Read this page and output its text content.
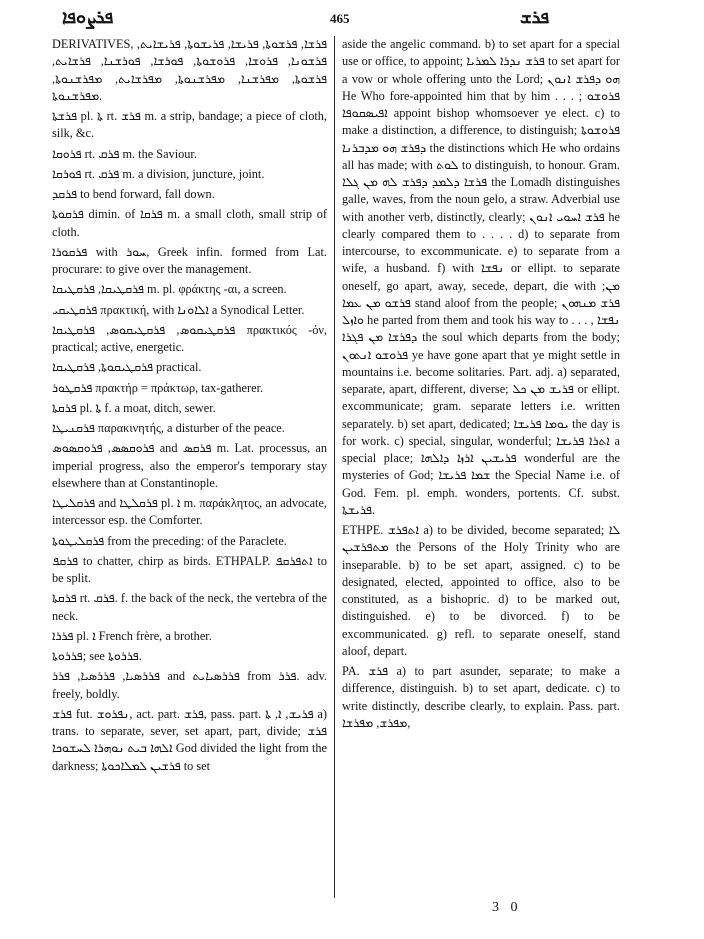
ܦܪܨܘܦܐ	465	ܦܪܫ

DERIVATIVES, ܦܪܫܐ, ܦܪܫܘܬܐ, ܦܪܝܫܐ, ܦܪܝܫܘܬܐ, ܦܪܝܫܐܝܬ, ܦܪܫܘܢܐ, ܦܪܘܫܐ, ܦܪܘܫܘܬܐ, ܦܘܪܫܐ, ܦܘܪܫܢܐ, ܦܪܫܐܝܬ, ܦܪܫܘܬܐ, ܡܦܪܫܢܐ, ܡܦܪܫܢܘܬܐ, ܡܦܪܫܐܝܬ, ܡܦܪܫܢܘܬܐ, ܡܦܪܫܢܘܬܐ.

ܦܪܫܬܐ pl. ܬܐ rt. ܦܪܫ m. a strip, bandage; a piece of cloth, silk, &c.

ܦܪܘܩܐ rt. ܦܪܩ m. the Saviour.

ܦܘܪܩܐ rt. ܦܪܩ m. a division, juncture, joint.

ܦܪܩܕ to bend forward, fall down.

ܦܪܩܘܬܐ dimin. of ܦܪܩܐ m. a small cloth, small strip of cloth.

ܦܪܩܘܪܐ with ܚܘܪ, Greek infin. formed from Lat. procurare: to give over the management.

ܦܪܩܛܝܩܐ, ܦܪܩܛܝܩܐ m. pl. φράκτης -αι, a screen.

ܦܪܩܛܝܩܝ πρακτική, with ܐܠܐܘܢܐ a Synodical Letter.

ܦܪܩܛܝܩܘܣ, ܦܪܩܛܝܩܘܣ, ܦܪܩܛܝܩܐ πρακτικός -όν, practical; active, energetic.

ܦܪܩܛܝܩܘܬܐ, ܦܪܩܛܝܩܐ practical.

ܦܪܩܛܘܪ πρακτήρ = πράκτωρ, tax-gatherer.

ܦܪܩܬܐ pl. ܬܐ f. a moat, ditch, sewer.

ܦܪܩܢܝܛܐ παρακινητής, a disturber of the peace.

ܦܪܘܩܣܣ, ܦܪܘܩܣܘܣ and ܦܪܩܣ m. Lat. processus, an imperial progress, also the emperor's temporary stay elsewhere than at Constantinople.

ܦܪܩܠܝܛܐ and ܦܪܩܠܛܐ pl. ܐ m. παράκλητος, an advocate, intercessor esp. the Comforter.

ܦܪܩܠܝܛܘܬܐ from the preceding: of the Paraclete.

ܦܪܩܦ to chatter, chirp as birds. ETHPALP. ܐܬܦܪܩܦ to be split.

ܦܪܩܬܐ rt. ܦܪܩ. f. the back of the neck, the vertebra of the neck.

ܦܪܪܐ pl. ܐ French frère, a brother.

ܦܪܪܘܬܐ; see ܦܪܪܘܬܐ.

ܦܪܪܣܝܐ, ܦܪܪܣܝܐ, ܦܪܪ and ܦܪܪܣܝܐܝܬ from ܦܪܪ. adv. freely, boldly.

ܦܪܫ fut. ܢܦܪܘܫ, act. part. ܦܪܫ, pass. part. ܦܪܝܫ, ܐ, ܬܐ a) trans. to separate, sever, set apart, part, divide; ܦܪܫ ܐܠܗܐ ܒܝܬ ܢܘܗܪܐ ܠܚܫܘܟܐ God divided the light from the darkness; ܦܪܫܝܢ ܠܡܠܐܟܘܬܐ to set

aside the angelic command. b) to set apart for a special use or office, to appoint; ܦܪܫ ܢܕܪܐ ܠܡܪܝܐ to set apart for a vow or whole offering unto the Lord; ܗܘ ܕܦܪܫ ܐܢܘܢ He Who fore-appointed him that by him . . . ; ܦܪܘܫܘ ܐܦܝܣܩܘܦܐ appoint bishop whomsoever ye elect. c) to make a distinction, a difference, to distinguish; ܦܪܘܫܘܬܐ ܕܦܪܫ ܗܘ ܡܕܒܪܢܐ the distinctions which He who ordains all has made; with ܠܘܬ to distinguish, to honour. Gram. ܦܪܫܐ ܕܠܡܕ ܕܦܪܫ ܠܗ ܡܢ ܓܠܐ the Lomadh distinguishes galle, waves, from the noun gelo, a straw. Adverbial use with another verb, distinctly, clearly; ܦܪܫ ܐܚܘܝ ܐܢܘܢ he clearly compared them to . . . . d) to separate from intercourse, to excommunicate. e) to separate from a wife, a husband. f) with ܢܦܫܐ or ellipt. to separate oneself, go apart, away, secede, depart, die with ܡܢ; ܦܪܫܘ ܡܢ ܥܡܐ stand aloof from the people; ܦܪܫ ܡܢܗܘܢ ܘܐܙܠ he parted from them and took his way to . . . , ܢܦܫܐ ܕܦܪܫܐ ܡܢ ܦܓܪܐ the soul which departs from the body; ܦܪܘܫܘ ܐܢܬܘܢ ye have gone apart that ye might settle in mountains i.e. become solitaries. Part. adj. a) separated, separate, apart, different, diverse; ܦܪܝܫ ܡܢ ܟܠ or ellipt. excommunicate; gram. separate letters i.e. written separately. b) set apart, dedicated; ܝܘܡܐ ܦܪܝܫܐ the day is for work. c) special, singular, wonderful; ܐܬܪܐ ܦܪܝܫܐ a special place; ܦܪܝܫܝܢ ܐܪܙܐ ܕܐܠܗܐ wonderful are the mysteries of God; ܫܡܐ ܦܪܝܫܐ the Special Name i.e. of God. Fem. pl. emph. wonders, portents. Cf. subst. ܦܪܝܫܬܐ.

ETHPE. ܐܬܦܪܫ a) to be divided, become separated; ܠܐ ܡܬܦܪܫܝܢ the Persons of the Holy Trinity who are inseparable. b) to be set apart, assigned. c) to be designated, elected, appointed to office, also to be constituted, as a bishopric. d) to be marked out, distinguished. e) to be divorced. f) to be excommunicated. g) refl. to separate oneself, stand aloof, depart.

PA. ܦܪܫ a) to part asunder, separate; to make a difference, distinguish. b) to set apart, dedicate. c) to write distinctly, describe clearly, to explain. Pass. part. ܡܦܪܫ, ܡܦܪܫܐ,

3 0
